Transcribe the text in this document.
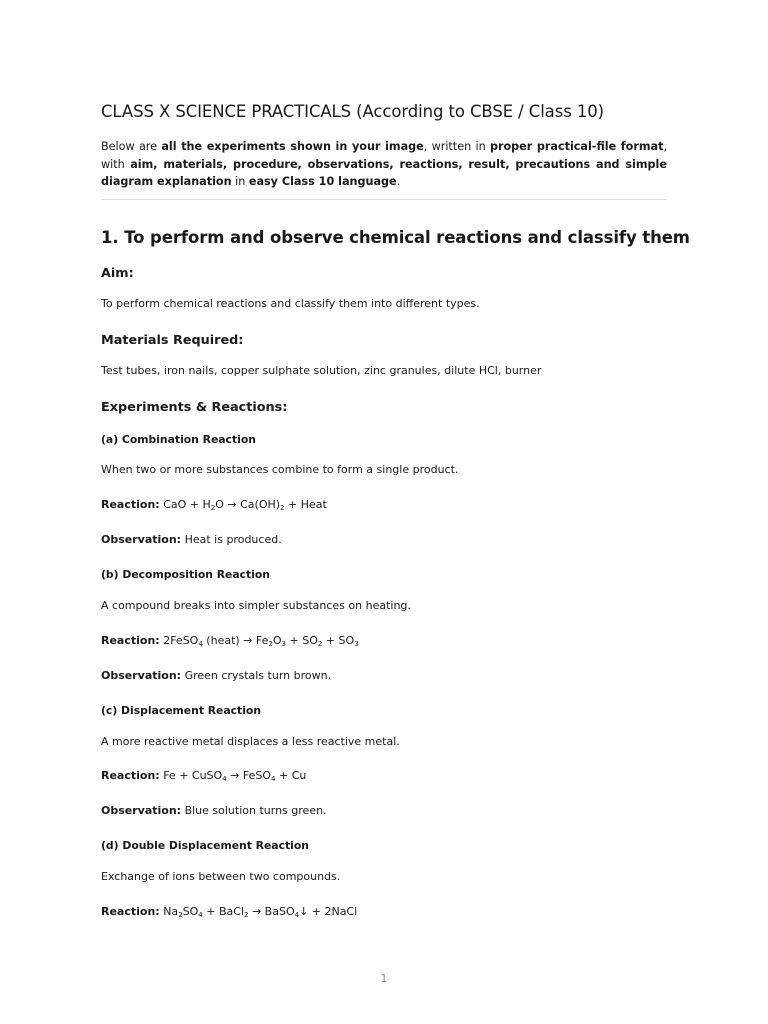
CLASS X SCIENCE PRACTICALS (According to CBSE / Class 10)

Below are all the experiments shown in your image, written in proper practical-file format, with aim, materials, procedure, observations, reactions, result, precautions and simple diagram explanation in easy Class 10 language.

1. To perform and observe chemical reactions and classify them
Aim:

To perform chemical reactions and classify them into different types.

Materials Required:

Test tubes, iron nails, copper sulphate solution, zinc granules, dilute HCl, burner

Experiments & Reactions:
(a) Combination Reaction

When two or more substances combine to form a single product.

Reaction: CaO + $H_2O \to Ca(OH)_2$ + Heat

Observation: Heat is produced.

(b) Decomposition Reaction

A compound breaks into simpler substances on heating.

Reaction: 2FeSO$_4$ (heat) → $Fe_2O_3 + SO_2 + SO_3$

Observation: Green crystals turn brown.

(c) Displacement Reaction

A more reactive metal displaces a less reactive metal.

Reaction: Fe + CuSO$_4$ → FeSO$_4$ + Cu

Observation: Blue solution turns green.

(d) Double Displacement Reaction

Exchange of ions between two compounds.

Reaction: $Na_2SO_4$ + BaCl$_2$ → BaSO$_4$↓ + 2NaCl

1
